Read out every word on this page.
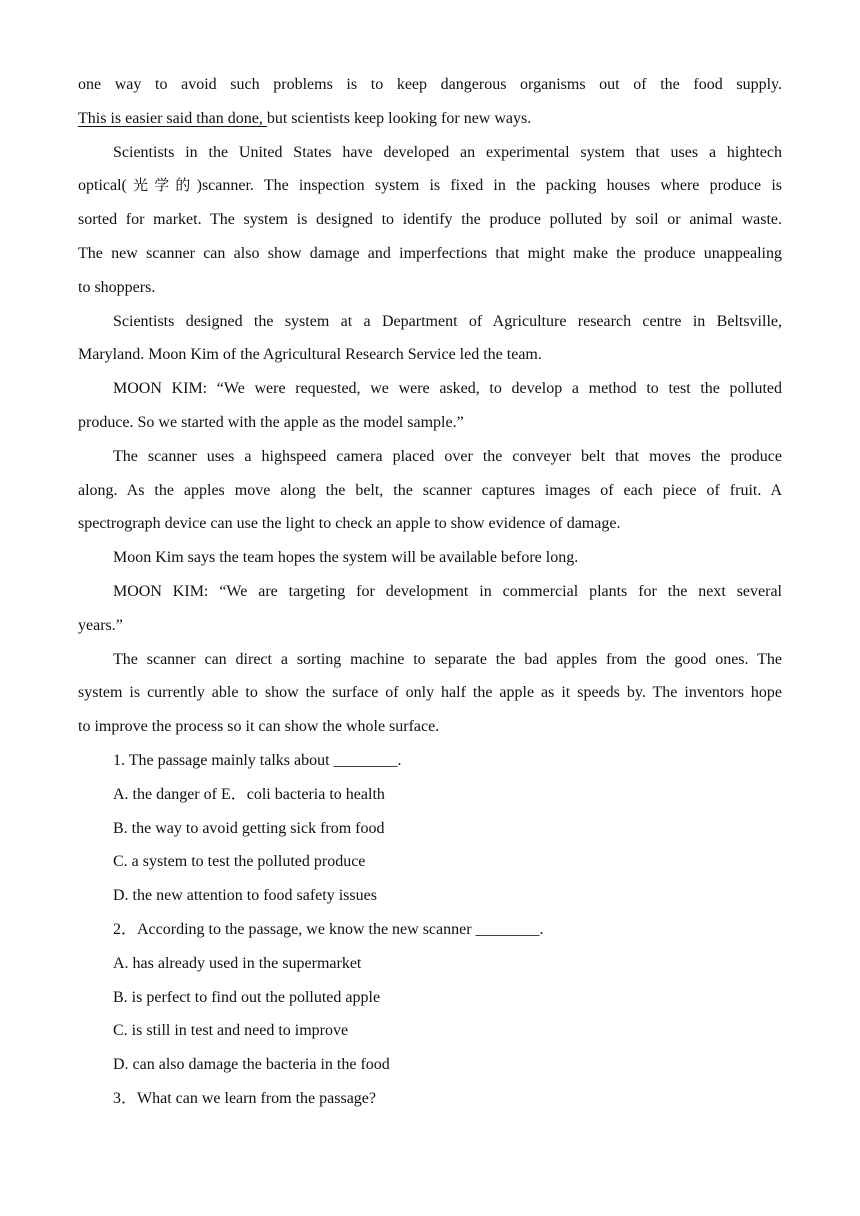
one way to avoid such problems is to keep dangerous organisms out of the food supply.
This is easier said than done, but scientists keep looking for new ways.
Scientists in the United States have developed an experimental system that uses a hightech
optical(光学的)scanner. The inspection system is fixed in the packing houses where produce is
sorted for market. The system is designed to identify the produce polluted by soil or animal waste.
The new scanner can also show damage and imperfections that might make the produce unappealing
to shoppers.
Scientists designed the system at a Department of Agriculture research centre in Beltsville,
Maryland. Moon Kim of the Agricultural Research Service led the team.
MOON KIM: “We were requested, we were asked, to develop a method to test the polluted
produce. So we started with the apple as the model sample.”
The scanner uses a highspeed camera placed over the conveyer belt that moves the produce
along. As the apples move along the belt, the scanner captures images of each piece of fruit. A
spectrograph device can use the light to check an apple to show evidence of damage.
Moon Kim says the team hopes the system will be available before long.
MOON KIM: “We are targeting for development in commercial plants for the next several
years.”
The scanner can direct a sorting machine to separate the bad apples from the good ones. The
system is currently able to show the surface of only half the apple as it speeds by. The inventors hope
to improve the process so it can show the whole surface.
1. The passage mainly talks about ________.
A. the danger of E．coli bacteria to health
B. the way to avoid getting sick from food
C. a system to test the polluted produce
D. the new attention to food safety issues
2．According to the passage, we know the new scanner ________.
A. has already used in the supermarket
B. is perfect to find out the polluted apple
C. is still in test and need to improve
D. can also damage the bacteria in the food
3．What can we learn from the passage?
